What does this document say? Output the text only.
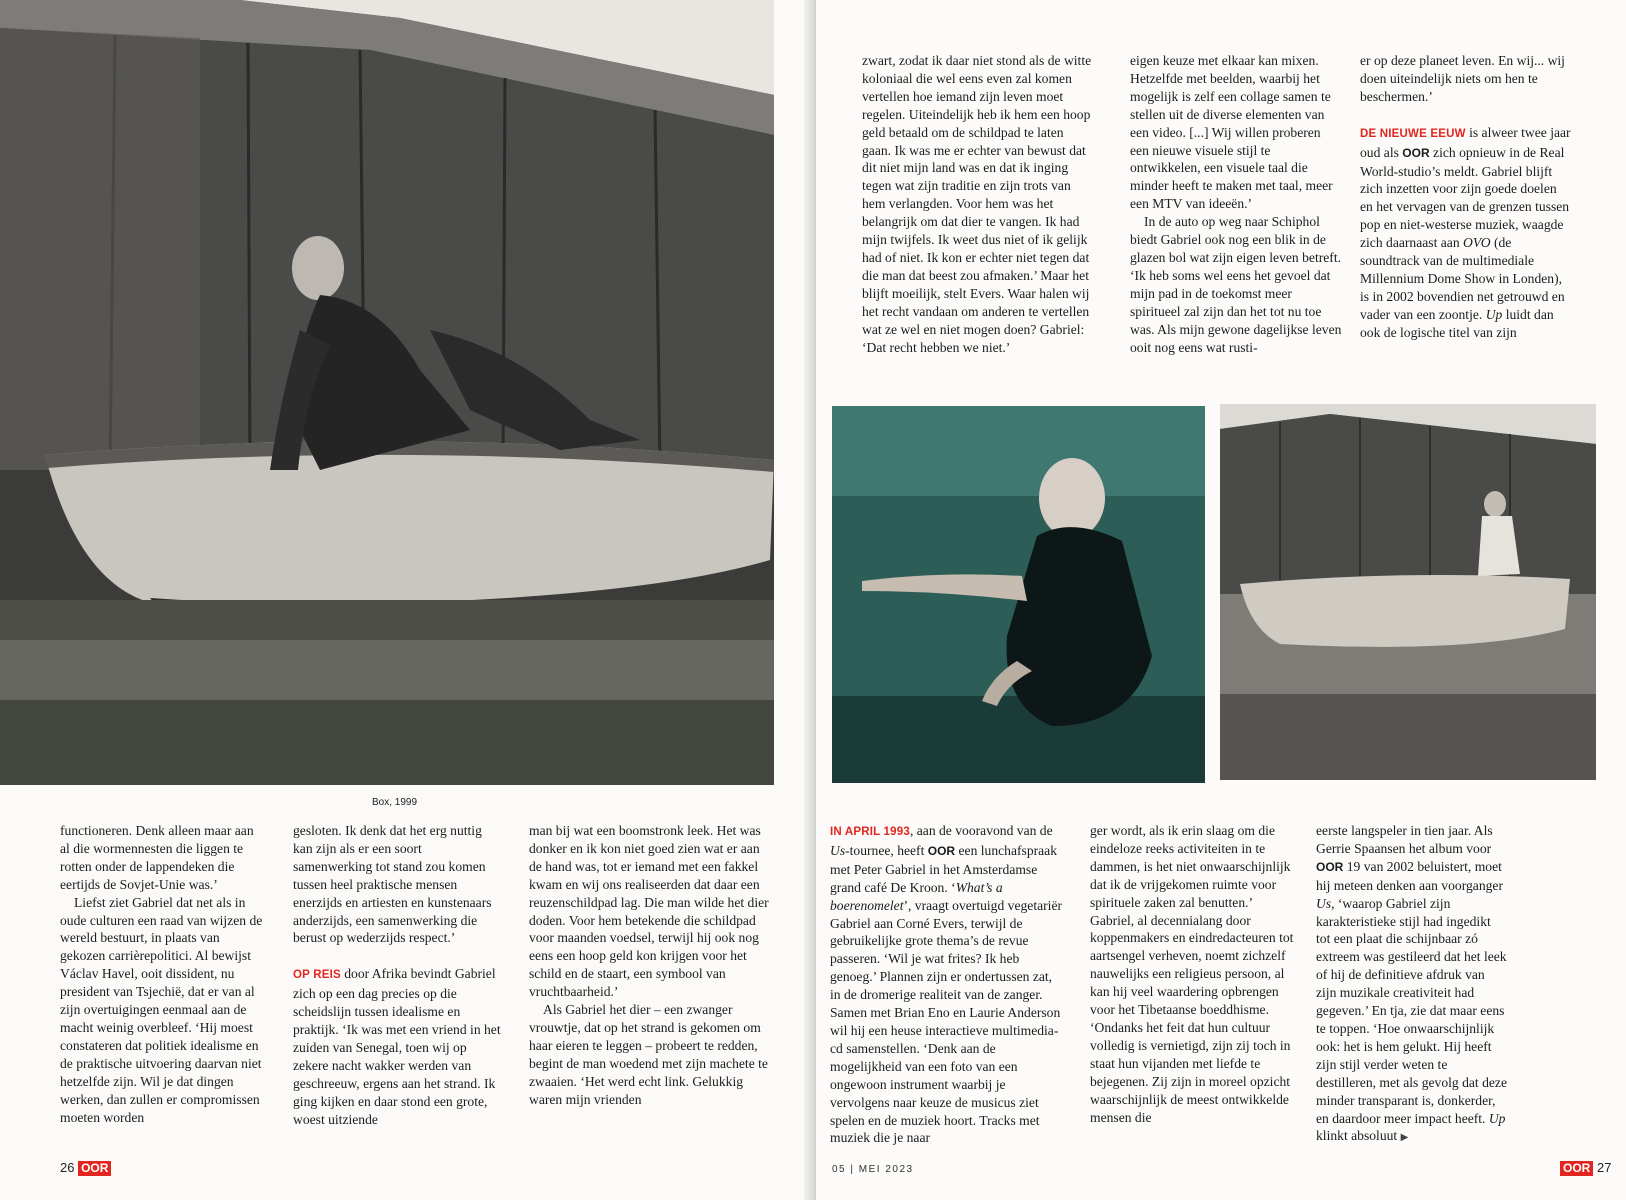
Box, 1999

functioneren. Denk alleen maar aan al die wormennesten die liggen te rotten onder de lappendeken die eertijds de Sovjet-Unie was.’

Liefst ziet Gabriel dat net als in oude culturen een raad van wijzen de wereld bestuurt, in plaats van gekozen carrièrepolitici. Al bewijst Václav Havel, ooit dissident, nu president van Tsjechië, dat er van al zijn overtuigingen eenmaal aan de macht weinig overbleef. ‘Hij moest constateren dat politiek idealisme en de praktische uitvoering daarvan niet hetzelfde zijn. Wil je dat dingen werken, dan zullen er compromissen moeten worden

gesloten. Ik denk dat het erg nuttig kan zijn als er een soort samenwerking tot stand zou komen tussen heel praktische mensen enerzijds en artiesten en kunstenaars anderzijds, een samenwerking die berust op wederzijds respect.’

OP REIS door Afrika bevindt Gabriel zich op een dag precies op die scheidslijn tussen idealisme en praktijk. ‘Ik was met een vriend in het zuiden van Senegal, toen wij op zekere nacht wakker werden van geschreeuw, ergens aan het strand. Ik ging kijken en daar stond een grote, woest uitziende

man bij wat een boomstronk leek. Het was donker en ik kon niet goed zien wat er aan de hand was, tot er iemand met een fakkel kwam en wij ons realiseerden dat daar een reuzenschildpad lag. Die man wilde het dier doden. Voor hem betekende die schildpad voor maanden voedsel, terwijl hij ook nog eens een hoop geld kon krijgen voor het schild en de staart, een symbool van vruchtbaarheid.’

Als Gabriel het dier – een zwanger vrouwtje, dat op het strand is gekomen om haar eieren te leggen – probeert te redden, begint de man woedend met zijn machete te zwaaien. ‘Het werd echt link. Gelukkig waren mijn vrienden

26 OOR

zwart, zodat ik daar niet stond als de witte koloniaal die wel eens even zal komen vertellen hoe iemand zijn leven moet regelen. Uiteindelijk heb ik hem een hoop geld betaald om de schildpad te laten gaan. Ik was me er echter van bewust dat dit niet mijn land was en dat ik inging tegen wat zijn traditie en zijn trots van hem verlangden. Voor hem was het belangrijk om dat dier te vangen. Ik had mijn twijfels. Ik weet dus niet of ik gelijk had of niet. Ik kon er echter niet tegen dat die man dat beest zou afmaken.’ Maar het blijft moeilijk, stelt Evers. Waar halen wij het recht vandaan om anderen te vertellen wat ze wel en niet mogen doen? Gabriel: ‘Dat recht hebben we niet.’

eigen keuze met elkaar kan mixen. Hetzelfde met beelden, waarbij het mogelijk is zelf een collage samen te stellen uit de diverse elementen van een video. [...] Wij willen proberen een nieuwe visuele stijl te ontwikkelen, een visuele taal die minder heeft te maken met taal, meer een MTV van ideeën.’

In de auto op weg naar Schiphol biedt Gabriel ook nog een blik in de glazen bol wat zijn eigen leven betreft. ‘Ik heb soms wel eens het gevoel dat mijn pad in de toekomst meer spiritueel zal zijn dan het tot nu toe was. Als mijn gewone dagelijkse leven ooit nog eens wat rusti-

er op deze planeet leven. En wij... wij doen uiteindelijk niets om hen te beschermen.’

DE NIEUWE EEUW is alweer twee jaar oud als OOR zich opnieuw in de Real World-studio’s meldt. Gabriel blijft zich inzetten voor zijn goede doelen en het vervagen van de grenzen tussen pop en niet-westerse muziek, waagde zich daarnaast aan OVO (de soundtrack van de multimediale Millennium Dome Show in Londen), is in 2002 bovendien net getrouwd en vader van een zoontje. Up luidt dan ook de logische titel van zijn

IN APRIL 1993, aan de vooravond van de Us-tournee, heeft OOR een lunchafspraak met Peter Gabriel in het Amsterdamse grand café De Kroon. ‘What’s a boerenomelet’, vraagt overtuigd vegetariër Gabriel aan Corné Evers, terwijl de gebruikelijke grote thema’s de revue passeren. ‘Wil je wat frites? Ik heb genoeg.’ Plannen zijn er ondertussen zat, in de dromerige realiteit van de zanger. Samen met Brian Eno en Laurie Anderson wil hij een heuse interactieve multimedia-cd samenstellen. ‘Denk aan de mogelijkheid van een foto van een ongewoon instrument waarbij je vervolgens naar keuze de musicus ziet spelen en de muziek hoort. Tracks met muziek die je naar

ger wordt, als ik erin slaag om die eindeloze reeks activiteiten in te dammen, is het niet onwaarschijnlijk dat ik de vrijgekomen ruimte voor spirituele zaken zal benutten.’ Gabriel, al decennialang door koppenmakers en eindredacteuren tot aartsengel verheven, noemt zichzelf nauwelijks een religieus persoon, al kan hij veel waardering opbrengen voor het Tibetaanse boeddhisme. ‘Ondanks het feit dat hun cultuur volledig is vernietigd, zijn zij toch in staat hun vijanden met liefde te bejegenen. Zij zijn in moreel opzicht waarschijnlijk de meest ontwikkelde mensen die

eerste langspeler in tien jaar. Als Gerrie Spaansen het album voor OOR 19 van 2002 beluistert, moet hij meteen denken aan voorganger Us, ‘waarop Gabriel zijn karakteristieke stijl had ingedikt tot een plaat die schijnbaar zó extreem was gestileerd dat het leek of hij de definitieve afdruk van zijn muzikale creativiteit had gegeven.’ En tja, zie dat maar eens te toppen. ‘Hoe onwaarschijnlijk ook: het is hem gelukt. Hij heeft zijn stijl verder weten te destilleren, met als gevolg dat deze minder transparant is, donkerder, en daardoor meer impact heeft. Up klinkt absoluut ▶

05 | MEI 2023	OOR 27
